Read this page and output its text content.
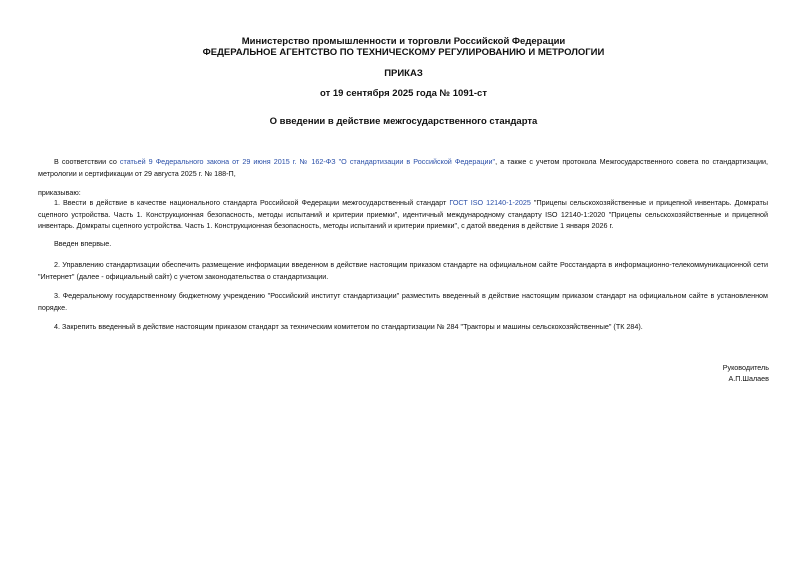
Министерство промышленности и торговли Российской Федерации
ФЕДЕРАЛЬНОЕ АГЕНТСТВО ПО ТЕХНИЧЕСКОМУ РЕГУЛИРОВАНИЮ И МЕТРОЛОГИИ
ПРИКАЗ
от 19 сентября 2025 года № 1091-ст
О введении в действие межгосударственного стандарта
В соответствии со статьей 9 Федерального закона от 29 июня 2015 г. № 162-ФЗ "О стандартизации в Российской Федерации", а также с учетом протокола Межгосударственного совета по стандартизации, метрологии и сертификации от 29 августа 2025 г. № 188-П,
приказываю:
1. Ввести в действие в качестве национального стандарта Российской Федерации межгосударственный стандарт ГОСТ ISO 12140-1-2025 "Прицепы сельскохозяйственные и прицепной инвентарь. Домкраты сцепного устройства. Часть 1. Конструкционная безопасность, методы испытаний и критерии приемки", идентичный международному стандарту ISO 12140-1:2020 "Прицепы сельскохозяйственные и прицепной инвентарь. Домкраты сцепного устройства. Часть 1. Конструкционная безопасность, методы испытаний и критерии приемки", с датой введения в действие 1 января 2026 г.
Введен впервые.
2. Управлению стандартизации обеспечить размещение информации введенном в действие настоящим приказом стандарте на официальном сайте Росстандарта в информационно-телекоммуникационной сети "Интернет" (далее - официальный сайт) с учетом законодательства о стандартизации.
3. Федеральному государственному бюджетному учреждению "Российский институт стандартизации" разместить введенный в действие настоящим приказом стандарт на официальном сайте в установленном порядке.
4. Закрепить введенный в действие настоящим приказом стандарт за техническим комитетом по стандартизации № 284 "Тракторы и машины сельскохозяйственные" (ТК 284).
Руководитель
А.П.Шалаев
